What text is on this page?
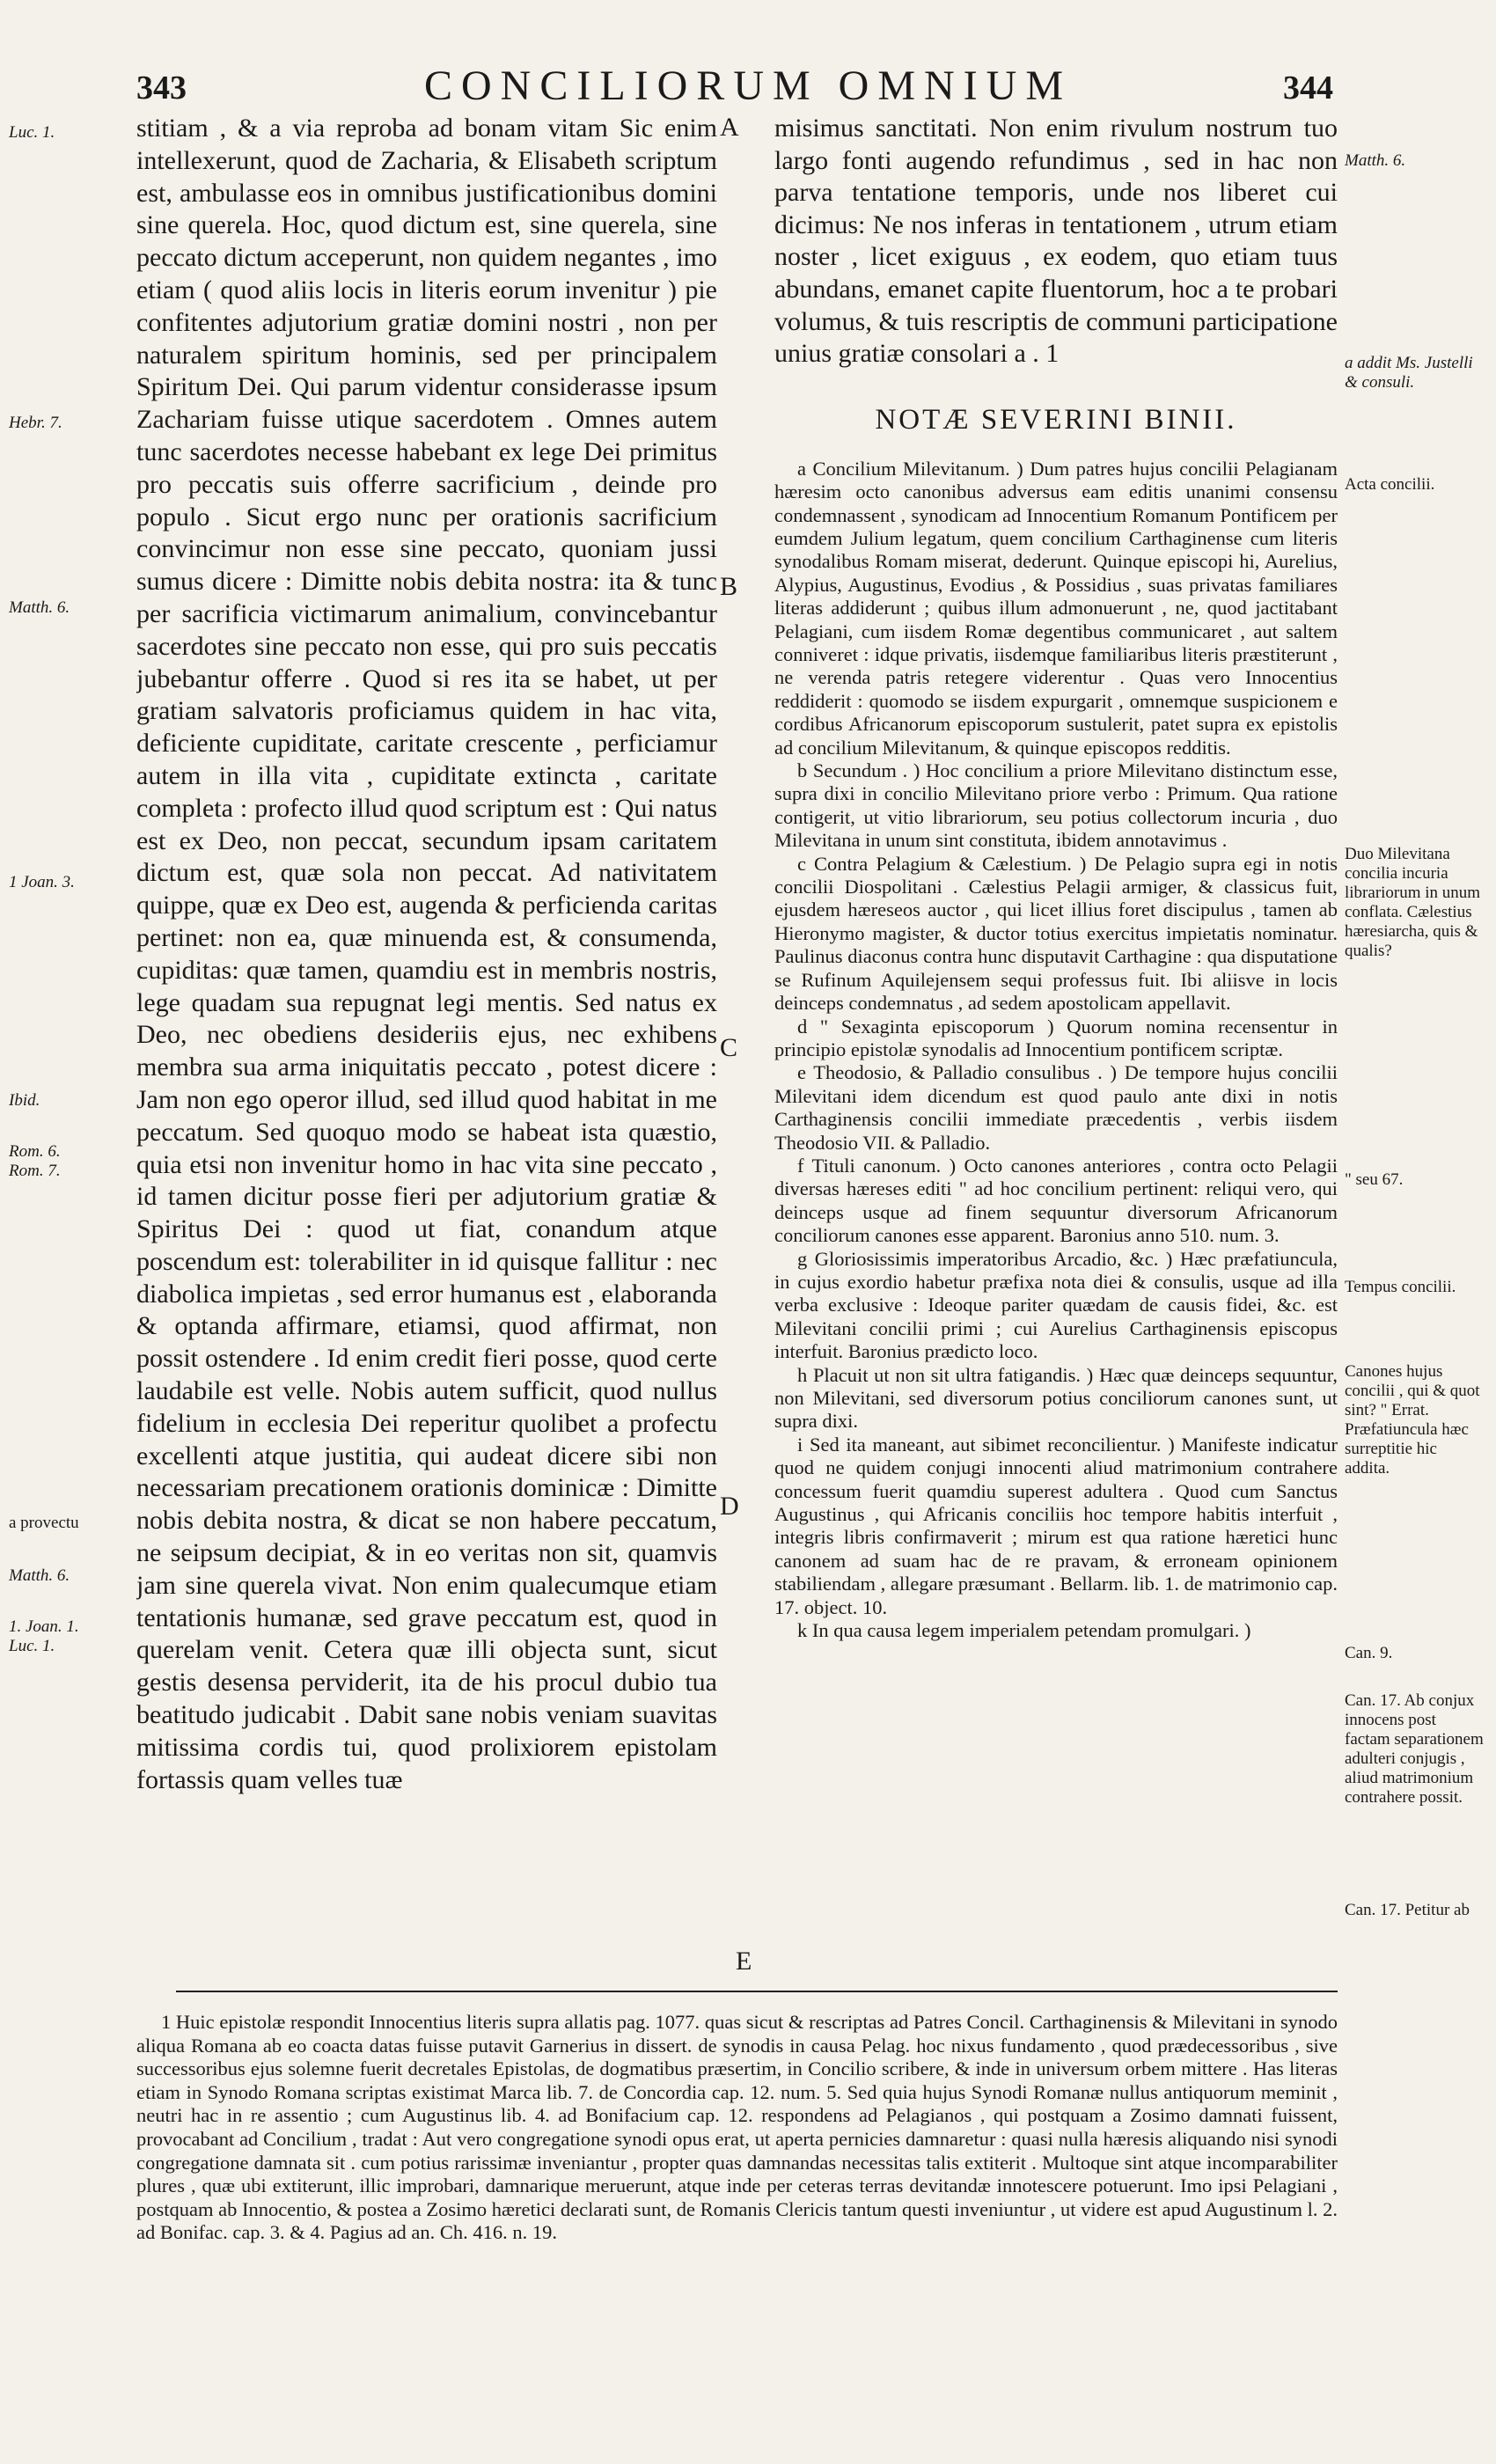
343	CONCILIORUM OMNIUM	344

stitiam , & a via reproba ad bonam vitam Sic enim intellexerunt, quod de Zacharia, & Elisabeth scriptum est, ambulasse eos in omnibus justificationibus domini sine querela. Hoc, quod dictum est, sine querela, sine peccato dictum acceperunt, non quidem negantes , imo etiam ( quod aliis locis in literis eorum invenitur ) pie confitentes adjutorium gratiæ domini nostri , non per naturalem spiritum hominis, sed per principalem Spiritum Dei. Qui parum videntur considerasse ipsum Zachariam fuisse utique sacerdotem . Omnes autem tunc sacerdotes necesse habebant ex lege Dei primitus pro peccatis suis offerre sacrificium , deinde pro populo . Sicut ergo nunc per orationis sacrificium convincimur non esse sine peccato, quoniam jussi sumus dicere : Dimitte nobis debita nostra: ita & tunc per sacrificia victimarum animalium, convincebantur sacerdotes sine peccato non esse, qui pro suis peccatis jubebantur offerre . Quod si res ita se habet, ut per gratiam salvatoris proficiamus quidem in hac vita, deficiente cupiditate, caritate crescente , perficiamur autem in illa vita , cupiditate extincta , caritate completa : profecto illud quod scriptum est : Qui natus est ex Deo, non peccat, secundum ipsam caritatem dictum est, quæ sola non peccat. Ad nativitatem quippe, quæ ex Deo est, augenda & perficienda caritas pertinet: non ea, quæ minuenda est, & consumenda, cupiditas: quæ tamen, quamdiu est in membris nostris, lege quadam sua repugnat legi mentis. Sed natus ex Deo, nec obediens desideriis ejus, nec exhibens membra sua arma iniquitatis peccato , potest dicere : Jam non ego operor illud, sed illud quod habitat in me peccatum. Sed quoquo modo se habeat ista quæstio, quia etsi non invenitur homo in hac vita sine peccato , id tamen dicitur posse fieri per adjutorium gratiæ & Spiritus Dei : quod ut fiat, conandum atque poscendum est: tolerabiliter in id quisque fallitur : nec diabolica impietas , sed error humanus est , elaboranda & optanda affirmare, etiamsi, quod affirmat, non possit ostendere . Id enim credit fieri posse, quod certe laudabile est velle. Nobis autem sufficit, quod nullus fidelium in ecclesia Dei reperitur quolibet a profectu excellenti atque justitia, qui audeat dicere sibi non necessariam precationem orationis dominicæ : Dimitte nobis debita nostra, & dicat se non habere peccatum, ne seipsum decipiat, & in eo veritas non sit, quamvis jam sine querela vivat. Non enim qualecumque etiam tentationis humanæ, sed grave peccatum est, quod in querelam venit. Cetera quæ illi objecta sunt, sicut gestis desensa perviderit, ita de his procul dubio tua beatitudo judicabit . Dabit sane nobis veniam suavitas mitissima cordis tui, quod prolixiorem epistolam fortassis quam velles tuæ

misimus sanctitati. Non enim rivulum nostrum tuo largo fonti augendo refundimus , sed in hac non parva tentatione temporis, unde nos liberet cui dicimus: Ne nos inferas in tentationem , utrum etiam noster , licet exiguus , ex eodem, quo etiam tuus abundans, emanet capite fluentorum, hoc a te probari volumus, & tuis rescriptis de communi participatione unius gratiæ consolari a . 1

NOTÆ SEVERINI BINII.

a Concilium Milevitanum. ) Dum patres hujus concilii Pelagianam hæresim octo canonibus adversus eam editis unanimi consensu condemnassent , synodicam ad Innocentium Romanum Pontificem per eumdem Julium legatum, quem concilium Carthaginense cum literis synodalibus Romam miserat, dederunt. Quinque episcopi hi, Aurelius, Alypius, Augustinus, Evodius , & Possidius , suas privatas familiares literas addiderunt ; quibus illum admonuerunt , ne, quod jactitabant Pelagiani, cum iisdem Romæ degentibus communicaret , aut saltem conniveret : idque privatis, iisdemque familiaribus literis præstiterunt , ne verenda patris retegere viderentur . Quas vero Innocentius reddiderit : quomodo se iisdem expurgarit , omnemque suspicionem e cordibus Africanorum episcoporum sustulerit, patet supra ex epistolis ad concilium Milevitanum, & quinque episcopos redditis.

b Secundum . ) Hoc concilium a priore Milevitano distinctum esse, supra dixi in concilio Milevitano priore verbo : Primum. Qua ratione contigerit, ut vitio librariorum, seu potius collectorum incuria , duo Milevitana in unum sint constituta, ibidem annotavimus .

c Contra Pelagium & Cælestium. ) De Pelagio supra egi in notis concilii Diospolitani . Cælestius Pelagii armiger, & classicus fuit, ejusdem hæreseos auctor , qui licet illius foret discipulus , tamen ab Hieronymo magister, & ductor totius exercitus impietatis nominatur. Paulinus diaconus contra hunc disputavit Carthagine : qua disputatione se Rufinum Aquilejensem sequi professus fuit. Ibi aliisve in locis deinceps condemnatus , ad sedem apostolicam appellavit.

d " Sexaginta episcoporum ) Quorum nomina recensentur in principio epistolæ synodalis ad Innocentium pontificem scriptæ.

e Theodosio, & Palladio consulibus . ) De tempore hujus concilii Milevitani idem dicendum est quod paulo ante dixi in notis Carthaginensis concilii immediate præcedentis , verbis iisdem Theodosio VII. & Palladio.

f Tituli canonum. ) Octo canones anteriores , contra octo Pelagii diversas hæreses editi " ad hoc concilium pertinent: reliqui vero, qui deinceps usque ad finem sequuntur diversorum Africanorum conciliorum canones esse apparent. Baronius anno 510. num. 3.

g Gloriosissimis imperatoribus Arcadio, &c. ) Hæc præfatiuncula, in cujus exordio habetur præfixa nota diei & consulis, usque ad illa verba exclusive : Ideoque pariter quædam de causis fidei, &c. est Milevitani concilii primi ; cui Aurelius Carthaginensis episcopus interfuit. Baronius prædicto loco.

h Placuit ut non sit ultra fatigandis. ) Hæc quæ deinceps sequuntur, non Milevitani, sed diversorum potius conciliorum canones sunt, ut supra dixi.

i Sed ita maneant, aut sibimet reconcilientur. ) Manifeste indicatur quod ne quidem conjugi innocenti aliud matrimonium contrahere concessum fuerit quamdiu superest adultera . Quod cum Sanctus Augustinus , qui Africanis conciliis hoc tempore habitis interfuit , integris libris confirmaverit ; mirum est qua ratione hæretici hunc canonem ad suam hac de re pravam, & erroneam opinionem stabiliendam , allegare præsumant . Bellarm. lib. 1. de matrimonio cap. 17. object. 10.

k In qua causa legem imperialem petendam promulgari. )

A
B
C
D
E
Luc. 1.
Hebr. 7.
Matth. 6.
1 Joan. 3.
Ibid.
Rom. 6.
Rom. 7.
a provectu
Matth. 6.
1. Joan. 1.
Luc. 1.
Matth. 6.
a addit Ms. Justelli & consuli.
Acta concilii.
Duo Milevitana concilia incuria librariorum in unum conflata. Cælestius hæresiarcha, quis & qualis?
" seu 67.
Tempus concilii.
Canones hujus concilii , qui & quot sint? " Errat. Præfatiuncula hæc surreptitie hic addita.
Can. 9.
Can. 17. Ab conjux innocens post factam separationem adulteri conjugis , aliud matrimonium contrahere possit.
Can. 17. Petitur ab

1 Huic epistolæ respondit Innocentius literis supra allatis pag. 1077. quas sicut & rescriptas ad Patres Concil. Carthaginensis & Milevitani in synodo aliqua Romana ab eo coacta datas fuisse putavit Garnerius in dissert. de synodis in causa Pelag. hoc nixus fundamento , quod prædecessoribus , sive successoribus ejus solemne fuerit decretales Epistolas, de dogmatibus præsertim, in Concilio scribere, & inde in universum orbem mittere . Has literas etiam in Synodo Romana scriptas existimat Marca lib. 7. de Concordia cap. 12. num. 5. Sed quia hujus Synodi Romanæ nullus antiquorum meminit , neutri hac in re assentio ; cum Augustinus lib. 4. ad Bonifacium cap. 12. respondens ad Pelagianos , qui postquam a Zosimo damnati fuissent, provocabant ad Concilium , tradat : Aut vero congregatione synodi opus erat, ut aperta pernicies damnaretur : quasi nulla hæresis aliquando nisi synodi congregatione damnata sit . cum potius rarissimæ inveniantur , propter quas damnandas necessitas talis extiterit . Multoque sint atque incomparabiliter plures , quæ ubi extiterunt, illic improbari, damnarique meruerunt, atque inde per ceteras terras devitandæ innotescere potuerunt. Imo ipsi Pelagiani , postquam ab Innocentio, & postea a Zosimo hæretici declarati sunt, de Romanis Clericis tantum questi inveniuntur , ut videre est apud Augustinum l. 2. ad Bonifac. cap. 3. & 4. Pagius ad an. Ch. 416. n. 19.
